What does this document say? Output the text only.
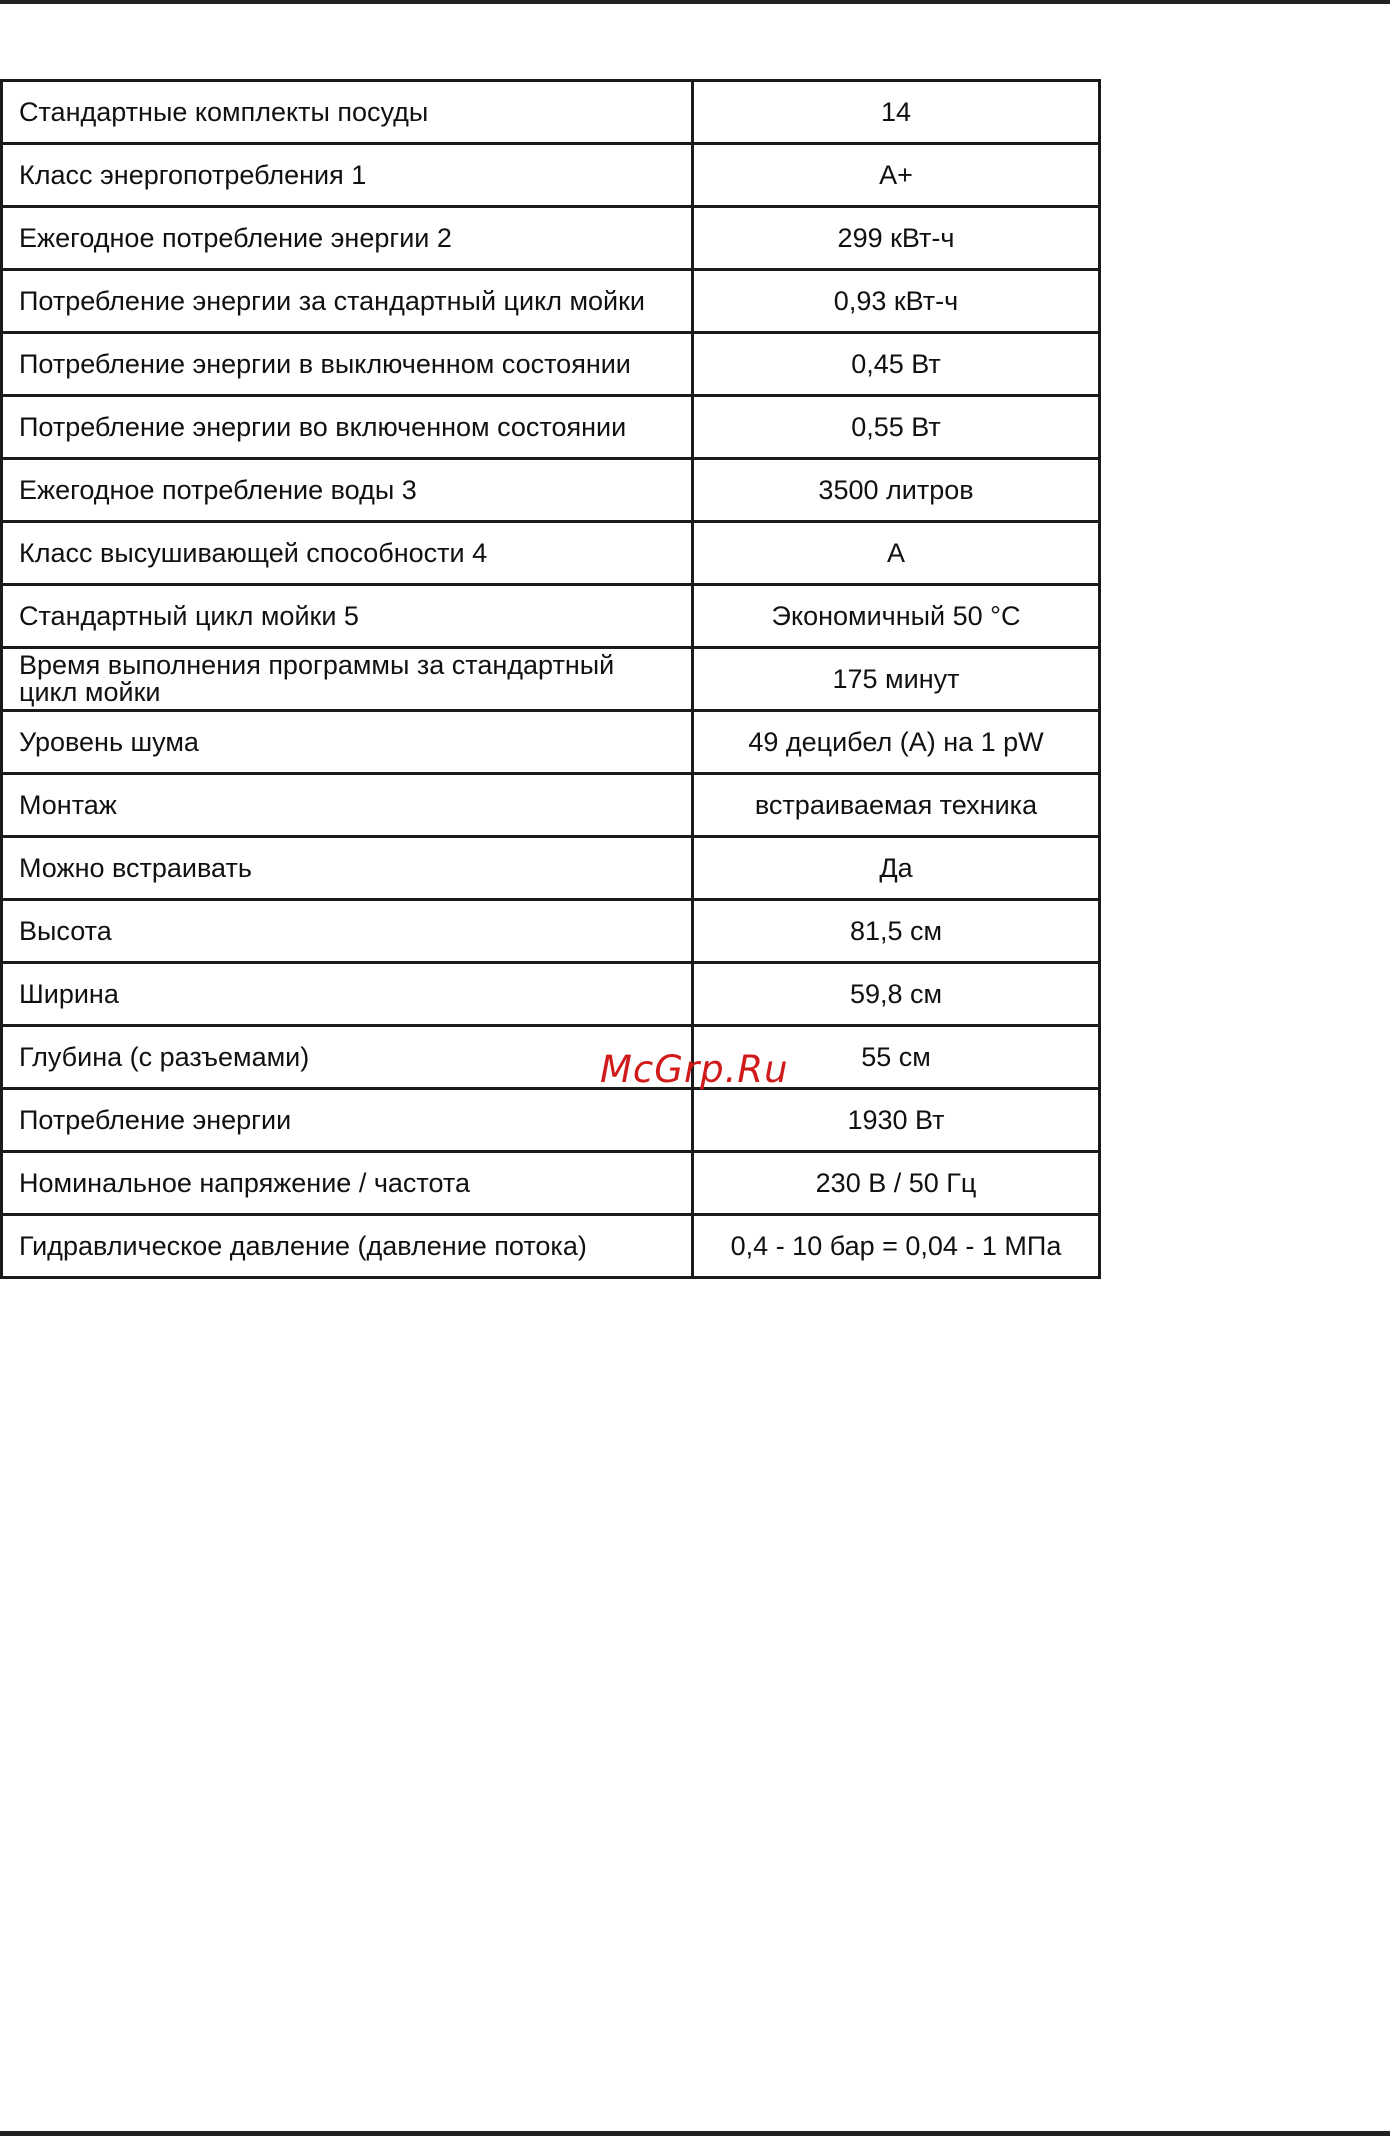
Стандартные комплекты посуды	14
Класс энергопотребления 1	A+
Ежегодное потребление энергии 2	299 кВт-ч
Потребление энергии за стандартный цикл мойки	0,93 кВт-ч
Потребление энергии в выключенном состоянии	0,45 Вт
Потребление энергии во включенном состоянии	0,55 Вт
Ежегодное потребление воды 3	3500 литров
Класс высушивающей способности 4	A
Стандартный цикл мойки 5	Экономичный 50 °C
Время выполнения программы за стандартный цикл мойки	175 минут
Уровень шума	49 децибел (A) на 1 pW
Монтаж	встраиваемая техника
Можно встраивать	Да
Высота	81,5 см
Ширина	59,8 см
Глубина (с разъемами)	55 см
Потребление энергии	1930 Вт
Номинальное напряжение / частота	230 В / 50 Гц
Гидравлическое давление (давление потока)	0,4 - 10 бар = 0,04 - 1 МПа
McGrp.Ru
